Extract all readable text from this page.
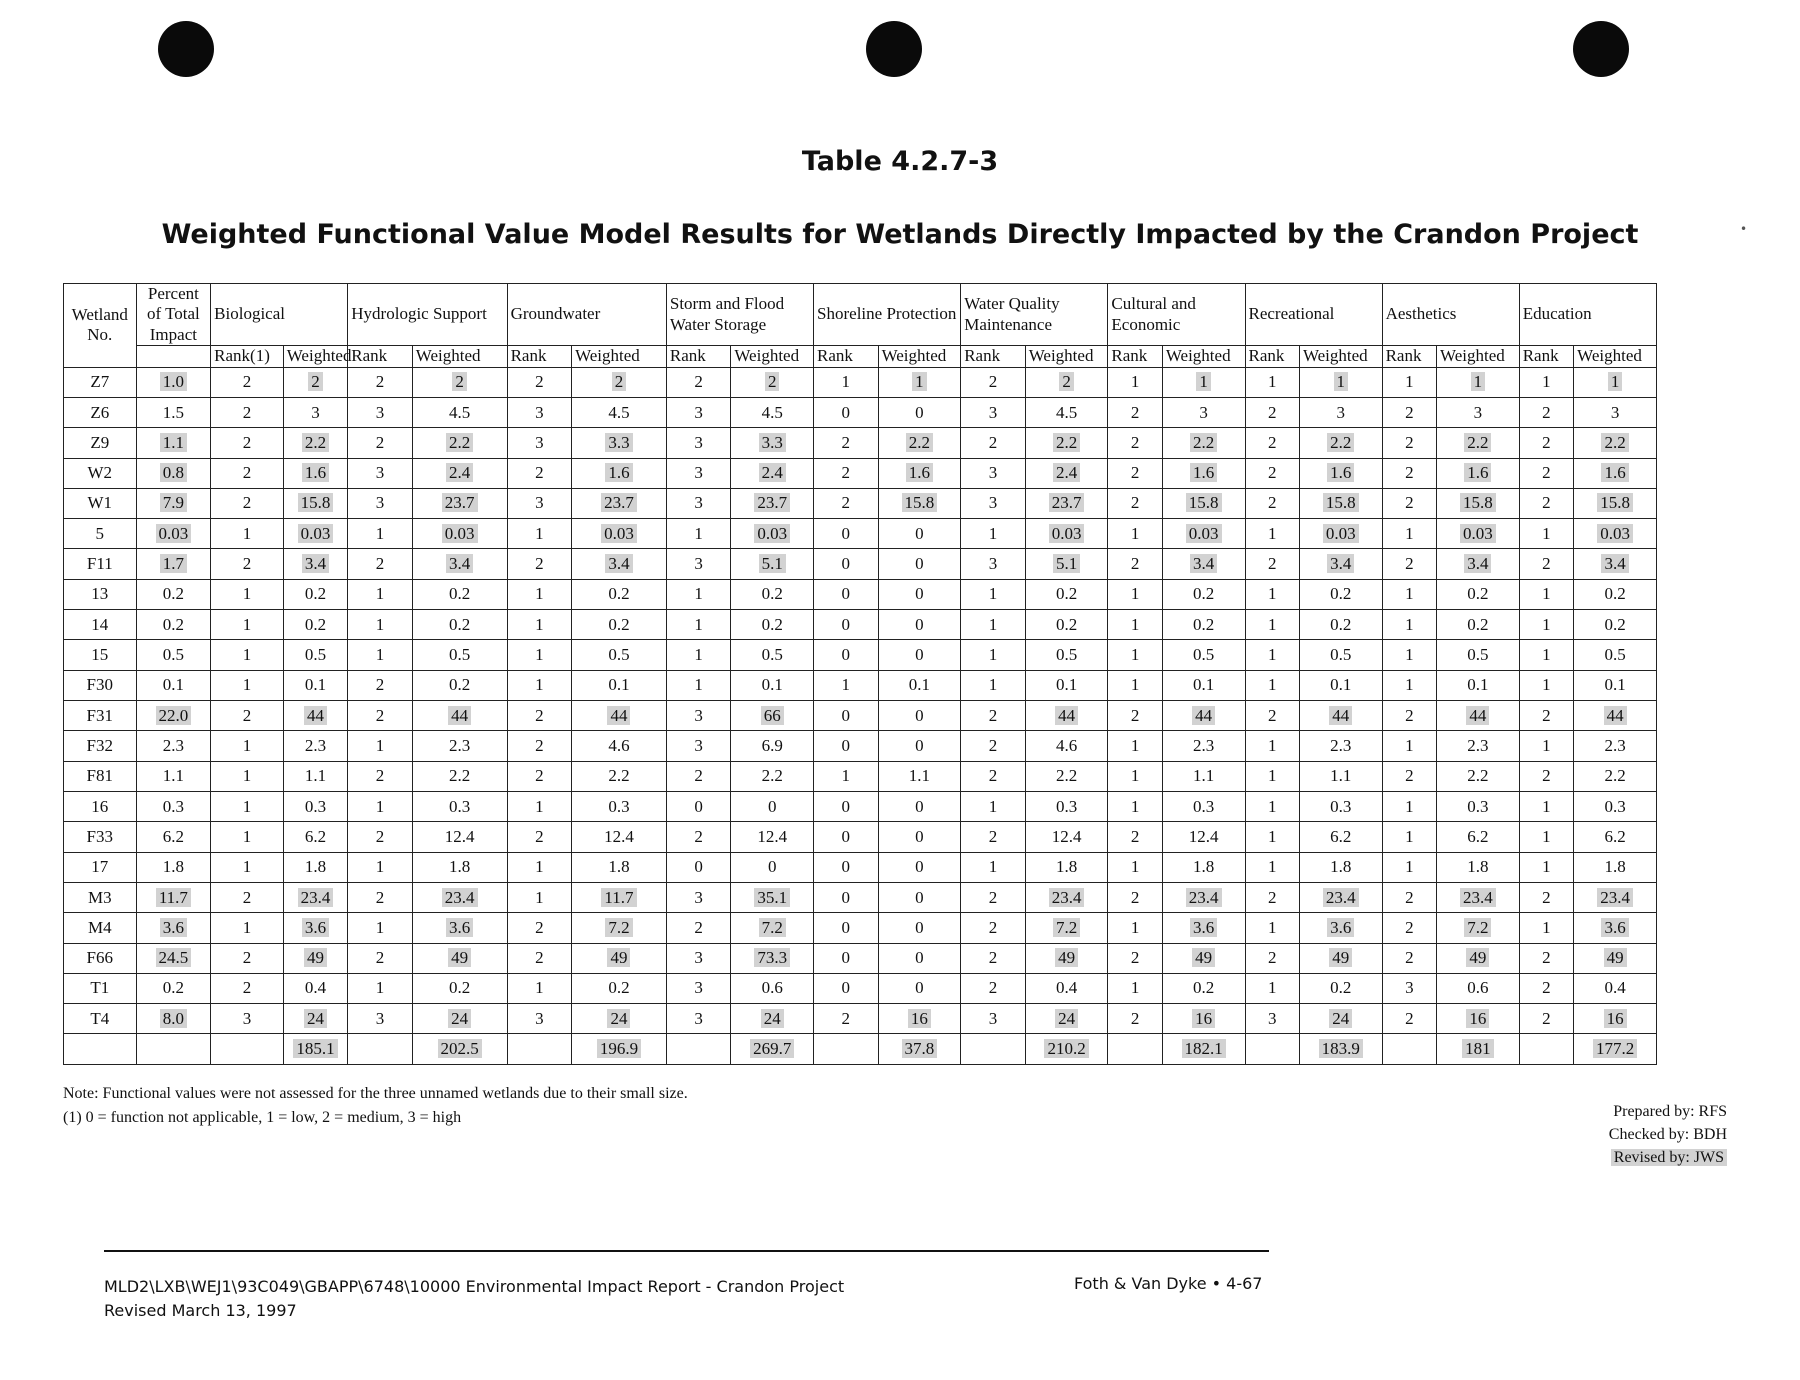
•
Table 4.2.7-3
Weighted Functional Value Model Results for Wetlands Directly Impacted by the Crandon Project
Wetland No.	Percent of Total Impact	Biological		Hydrologic Support		Groundwater		Storm and Flood Water Storage		Shoreline Protection		Water Quality Maintenance		Cultural and Economic		Recreational		Aesthetics		Education	
		Rank(1)	Weighted	Rank	Weighted	Rank	Weighted	Rank	Weighted	Rank	Weighted	Rank	Weighted	Rank	Weighted	Rank	Weighted	Rank	Weighted	Rank	Weighted
Z7	1.0	2	2	2	2	2	2	2	2	1	1	2	2	1	1	1	1	1	1	1	1
Z6	1.5	2	3	3	4.5	3	4.5	3	4.5	0	0	3	4.5	2	3	2	3	2	3	2	3
Z9	1.1	2	2.2	2	2.2	3	3.3	3	3.3	2	2.2	2	2.2	2	2.2	2	2.2	2	2.2	2	2.2
W2	0.8	2	1.6	3	2.4	2	1.6	3	2.4	2	1.6	3	2.4	2	1.6	2	1.6	2	1.6	2	1.6
W1	7.9	2	15.8	3	23.7	3	23.7	3	23.7	2	15.8	3	23.7	2	15.8	2	15.8	2	15.8	2	15.8
5	0.03	1	0.03	1	0.03	1	0.03	1	0.03	0	0	1	0.03	1	0.03	1	0.03	1	0.03	1	0.03
F11	1.7	2	3.4	2	3.4	2	3.4	3	5.1	0	0	3	5.1	2	3.4	2	3.4	2	3.4	2	3.4
13	0.2	1	0.2	1	0.2	1	0.2	1	0.2	0	0	1	0.2	1	0.2	1	0.2	1	0.2	1	0.2
14	0.2	1	0.2	1	0.2	1	0.2	1	0.2	0	0	1	0.2	1	0.2	1	0.2	1	0.2	1	0.2
15	0.5	1	0.5	1	0.5	1	0.5	1	0.5	0	0	1	0.5	1	0.5	1	0.5	1	0.5	1	0.5
F30	0.1	1	0.1	2	0.2	1	0.1	1	0.1	1	0.1	1	0.1	1	0.1	1	0.1	1	0.1	1	0.1
F31	22.0	2	44	2	44	2	44	3	66	0	0	2	44	2	44	2	44	2	44	2	44
F32	2.3	1	2.3	1	2.3	2	4.6	3	6.9	0	0	2	4.6	1	2.3	1	2.3	1	2.3	1	2.3
F81	1.1	1	1.1	2	2.2	2	2.2	2	2.2	1	1.1	2	2.2	1	1.1	1	1.1	2	2.2	2	2.2
16	0.3	1	0.3	1	0.3	1	0.3	0	0	0	0	1	0.3	1	0.3	1	0.3	1	0.3	1	0.3
F33	6.2	1	6.2	2	12.4	2	12.4	2	12.4	0	0	2	12.4	2	12.4	1	6.2	1	6.2	1	6.2
17	1.8	1	1.8	1	1.8	1	1.8	0	0	0	0	1	1.8	1	1.8	1	1.8	1	1.8	1	1.8
M3	11.7	2	23.4	2	23.4	1	11.7	3	35.1	0	0	2	23.4	2	23.4	2	23.4	2	23.4	2	23.4
M4	3.6	1	3.6	1	3.6	2	7.2	2	7.2	0	0	2	7.2	1	3.6	1	3.6	2	7.2	1	3.6
F66	24.5	2	49	2	49	2	49	3	73.3	0	0	2	49	2	49	2	49	2	49	2	49
T1	0.2	2	0.4	1	0.2	1	0.2	3	0.6	0	0	2	0.4	1	0.2	1	0.2	3	0.6	2	0.4
T4	8.0	3	24	3	24	3	24	3	24	2	16	3	24	2	16	3	24	2	16	2	16
			185.1		202.5		196.9		269.7		37.8		210.2		182.1		183.9		181		177.2
Note: Functional values were not assessed for the three unnamed wetlands due to their small size.
(1) 0 = function not applicable, 1 = low, 2 = medium, 3 = high	Prepared by: RFS
Checked by: BDH
Revised by: JWS
MLD2\LXB\WEJ1\93C049\GBAPP\6748\10000 Environmental Impact Report - Crandon Project
Revised March 13, 1997
Foth & Van Dyke • 4-67
